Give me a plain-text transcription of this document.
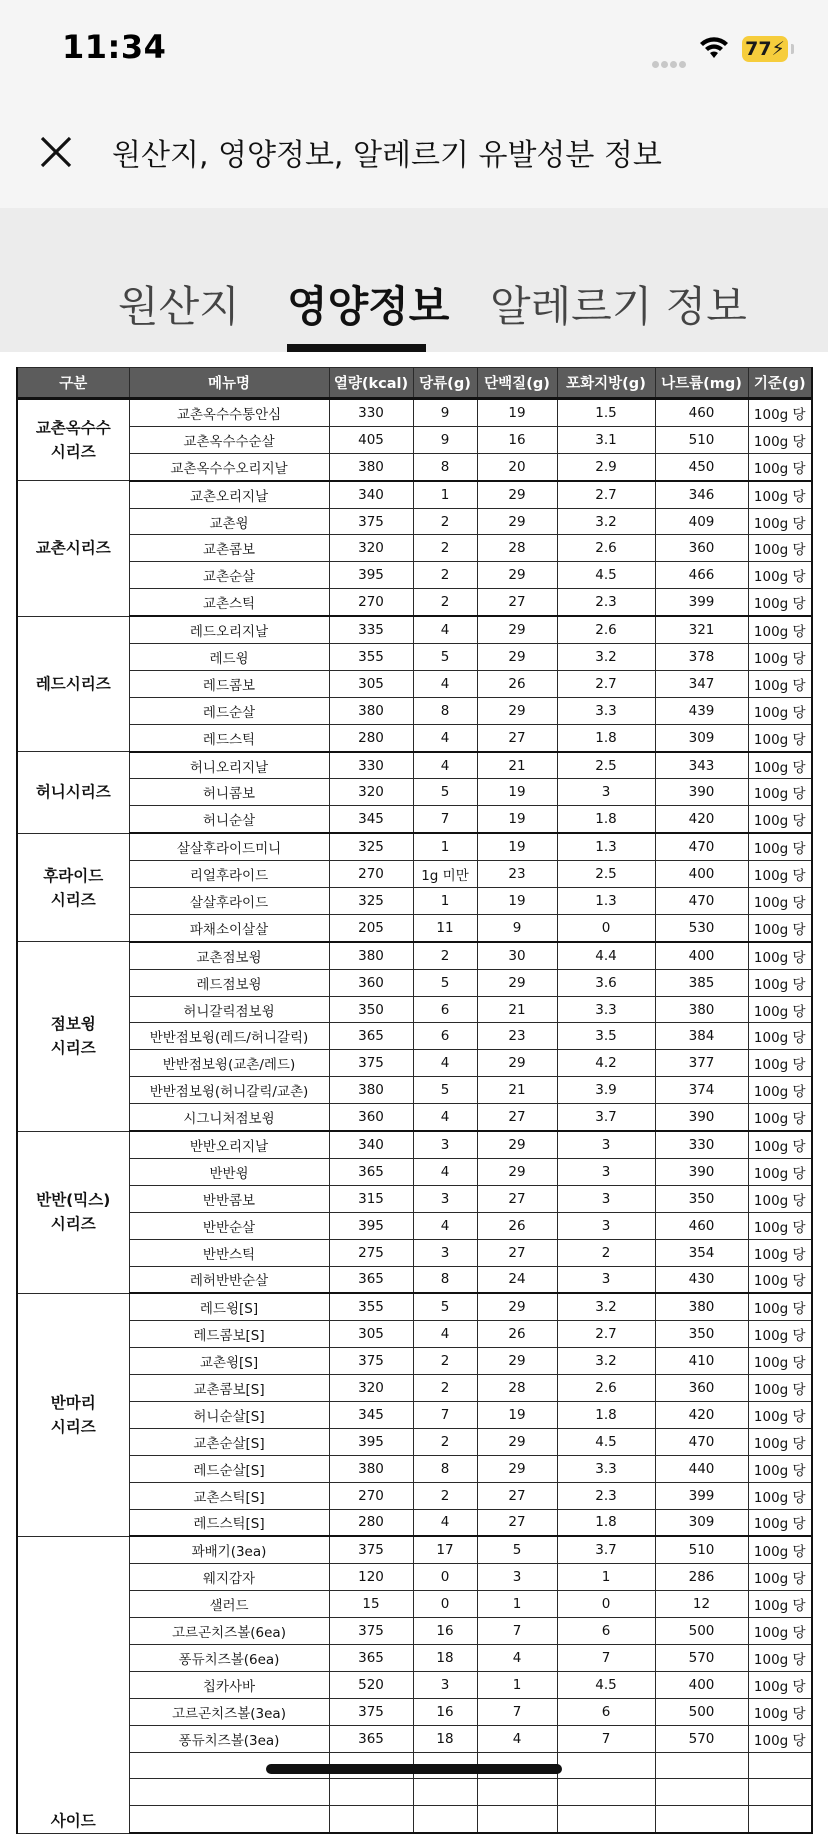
11:34	77⚡
원산지, 영양정보, 알레르기 유발성분 정보
원산지 영양정보 알레르기 정보
구분	메뉴명	열량(kcal)	당류(g)	단백질(g)	포화지방(g)	나트륨(mg)	기준(g)
교촌옥수수
시리즈	교촌옥수수통안심	330	9	19	1.5	460	100g 당
	교촌옥수수순살	405	9	16	3.1	510	100g 당
	교촌옥수수오리지날	380	8	20	2.9	450	100g 당
교촌시리즈	교촌오리지날	340	1	29	2.7	346	100g 당
	교촌윙	375	2	29	3.2	409	100g 당
	교촌콤보	320	2	28	2.6	360	100g 당
	교촌순살	395	2	29	4.5	466	100g 당
	교촌스틱	270	2	27	2.3	399	100g 당
레드시리즈	레드오리지날	335	4	29	2.6	321	100g 당
	레드윙	355	5	29	3.2	378	100g 당
	레드콤보	305	4	26	2.7	347	100g 당
	레드순살	380	8	29	3.3	439	100g 당
	레드스틱	280	4	27	1.8	309	100g 당
허니시리즈	허니오리지날	330	4	21	2.5	343	100g 당
	허니콤보	320	5	19	3	390	100g 당
	허니순살	345	7	19	1.8	420	100g 당
후라이드
시리즈	살살후라이드미니	325	1	19	1.3	470	100g 당
	리얼후라이드	270	1g 미만	23	2.5	400	100g 당
	살살후라이드	325	1	19	1.3	470	100g 당
	파채소이살살	205	11	9	0	530	100g 당
점보윙
시리즈	교촌점보윙	380	2	30	4.4	400	100g 당
	레드점보윙	360	5	29	3.6	385	100g 당
	허니갈릭점보윙	350	6	21	3.3	380	100g 당
	반반점보윙(레드/허니갈릭)	365	6	23	3.5	384	100g 당
	반반점보윙(교촌/레드)	375	4	29	4.2	377	100g 당
	반반점보윙(허니갈릭/교촌)	380	5	21	3.9	374	100g 당
	시그니처점보윙	360	4	27	3.7	390	100g 당
반반(믹스)
시리즈	반반오리지날	340	3	29	3	330	100g 당
	반반윙	365	4	29	3	390	100g 당
	반반콤보	315	3	27	3	350	100g 당
	반반순살	395	4	26	3	460	100g 당
	반반스틱	275	3	27	2	354	100g 당
	레허반반순살	365	8	24	3	430	100g 당
반마리
시리즈	레드윙[S]	355	5	29	3.2	380	100g 당
	레드콤보[S]	305	4	26	2.7	350	100g 당
	교촌윙[S]	375	2	29	3.2	410	100g 당
	교촌콤보[S]	320	2	28	2.6	360	100g 당
	허니순살[S]	345	7	19	1.8	420	100g 당
	교촌순살[S]	395	2	29	4.5	470	100g 당
	레드순살[S]	380	8	29	3.3	440	100g 당
	교촌스틱[S]	270	2	27	2.3	399	100g 당
	레드스틱[S]	280	4	27	1.8	309	100g 당
사이드	꽈배기(3ea)	375	17	5	3.7	510	100g 당
	웨지감자	120	0	3	1	286	100g 당
	샐러드	15	0	1	0	12	100g 당
	고르곤치즈볼(6ea)	375	16	7	6	500	100g 당
	퐁듀치즈볼(6ea)	365	18	4	7	570	100g 당
	칩카사바	520	3	1	4.5	400	100g 당
	고르곤치즈볼(3ea)	375	16	7	6	500	100g 당
	퐁듀치즈볼(3ea)	365	18	4	7	570	100g 당
